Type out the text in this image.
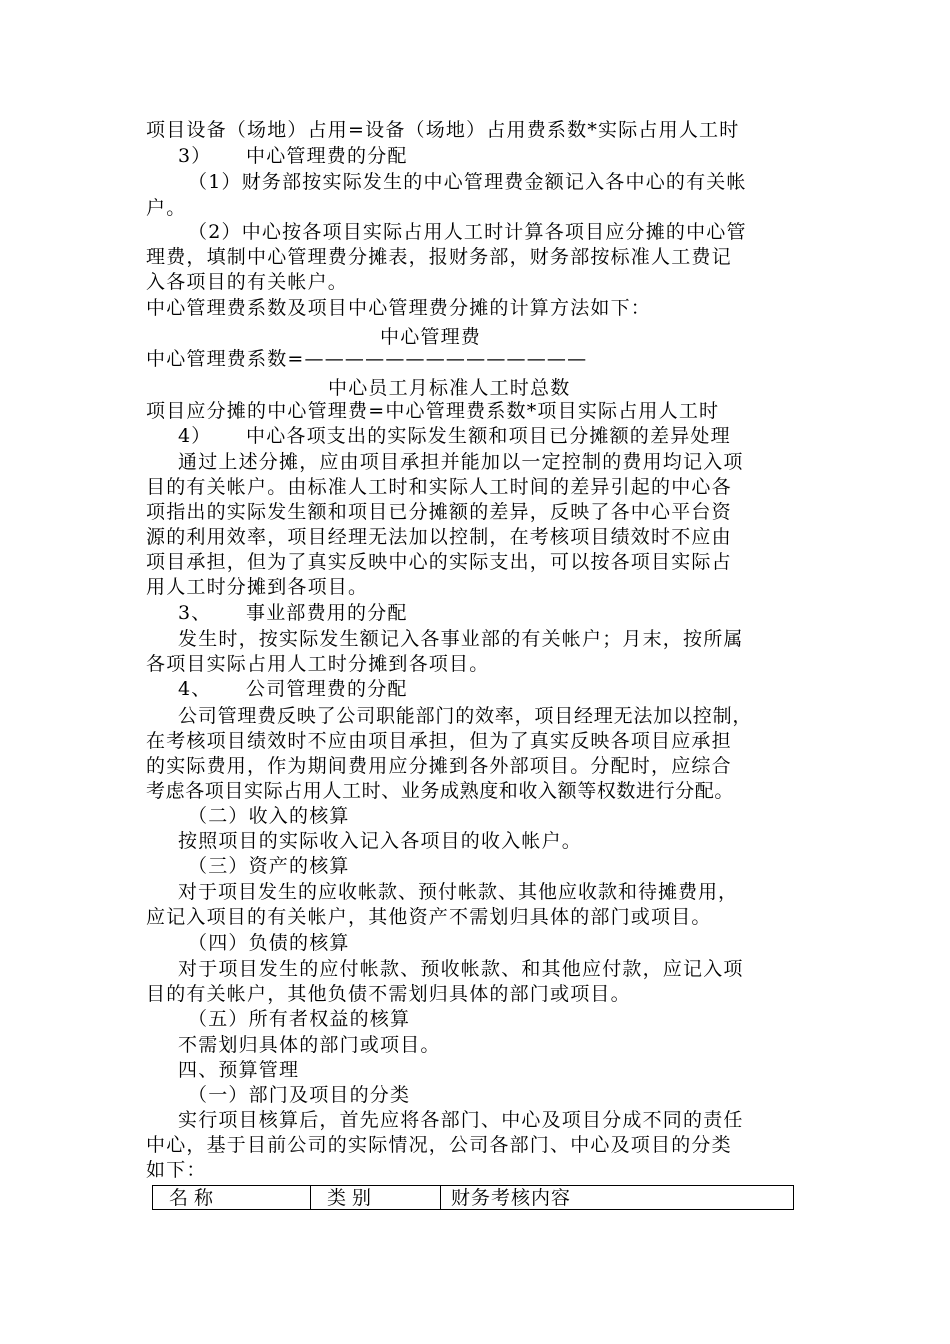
项目设备（场地）占用=设备（场地）占用费系数*实际占用人工时
3） 中心管理费的分配
（1）财务部按实际发生的中心管理费金额记入各中心的有关帐
户。
（2）中心按各项目实际占用人工时计算各项目应分摊的中心管
理费，填制中心管理费分摊表，报财务部，财务部按标准人工费记
入各项目的有关帐户。
中心管理费系数及项目中心管理费分摊的计算方法如下：
中心管理费
中心管理费系数=——————————————
中心员工月标准人工时总数
项目应分摊的中心管理费=中心管理费系数*项目实际占用人工时
4） 中心各项支出的实际发生额和项目已分摊额的差异处理
通过上述分摊，应由项目承担并能加以一定控制的费用均记入项
目的有关帐户。由标准人工时和实际人工时间的差异引起的中心各
项指出的实际发生额和项目已分摊额的差异，反映了各中心平台资
源的利用效率，项目经理无法加以控制，在考核项目绩效时不应由
项目承担，但为了真实反映中心的实际支出，可以按各项目实际占
用人工时分摊到各项目。
3、 事业部费用的分配
发生时，按实际发生额记入各事业部的有关帐户；月末，按所属
各项目实际占用人工时分摊到各项目。
4、 公司管理费的分配
公司管理费反映了公司职能部门的效率，项目经理无法加以控制，
在考核项目绩效时不应由项目承担，但为了真实反映各项目应承担
的实际费用，作为期间费用应分摊到各外部项目。分配时，应综合
考虑各项目实际占用人工时、业务成熟度和收入额等权数进行分配。
（二）收入的核算
按照项目的实际收入记入各项目的收入帐户。
（三）资产的核算
对于项目发生的应收帐款、预付帐款、其他应收款和待摊费用，
应记入项目的有关帐户，其他资产不需划归具体的部门或项目。
（四）负债的核算
对于项目发生的应付帐款、预收帐款、和其他应付款，应记入项
目的有关帐户，其他负债不需划归具体的部门或项目。
（五）所有者权益的核算
不需划归具体的部门或项目。
四、预算管理
（一）部门及项目的分类
实行项目核算后，首先应将各部门、中心及项目分成不同的责任
中心，基于目前公司的实际情况，公司各部门、中心及项目的分类
如下：
名称	类别	财务考核内容
